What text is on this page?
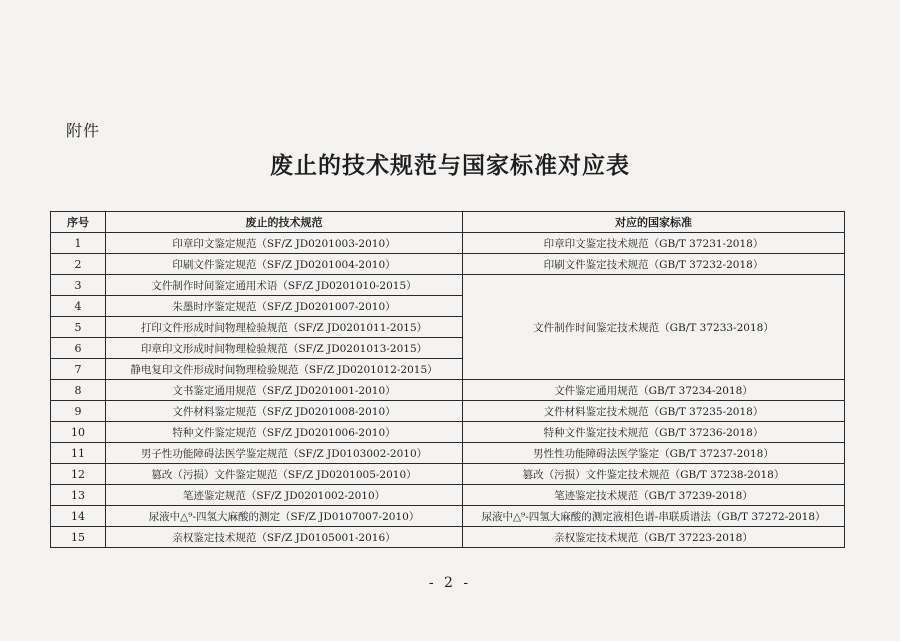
附件
废止的技术规范与国家标准对应表
序号	废止的技术规范	对应的国家标准
1	印章印文鉴定规范（SF/Z JD0201003-2010）	印章印文鉴定技术规范（GB/T 37231-2018）
2	印刷文件鉴定规范（SF/Z JD0201004-2010）	印刷文件鉴定技术规范（GB/T 37232-2018）
3	文件制作时间鉴定通用术语（SF/Z JD0201010-2015）	文件制作时间鉴定技术规范（GB/T 37233-2018）
4	朱墨时序鉴定规范（SF/Z JD0201007-2010）	
5	打印文件形成时间物理检验规范（SF/Z JD0201011-2015）	
6	印章印文形成时间物理检验规范（SF/Z JD0201013-2015）	
7	静电复印文件形成时间物理检验规范（SF/Z JD0201012-2015）	
8	文书鉴定通用规范（SF/Z JD0201001-2010）	文件鉴定通用规范（GB/T 37234-2018）
9	文件材料鉴定规范（SF/Z JD0201008-2010）	文件材料鉴定技术规范（GB/T 37235-2018）
10	特种文件鉴定规范（SF/Z JD0201006-2010）	特种文件鉴定技术规范（GB/T 37236-2018）
11	男子性功能障碍法医学鉴定规范（SF/Z JD0103002-2010）	男性性功能障碍法医学鉴定（GB/T 37237-2018）
12	篡改（污损）文件鉴定规范（SF/Z JD0201005-2010）	篡改（污损）文件鉴定技术规范（GB/T 37238-2018）
13	笔迹鉴定规范（SF/Z JD0201002-2010）	笔迹鉴定技术规范（GB/T 37239-2018）
14	尿液中△⁹-四氢大麻酸的测定（SF/Z JD0107007-2010）	尿液中△⁹-四氢大麻酸的测定液相色谱-串联质谱法（GB/T 37272-2018）
15	亲权鉴定技术规范（SF/Z JD0105001-2016）	亲权鉴定技术规范（GB/T 37223-2018）
- 2 -
